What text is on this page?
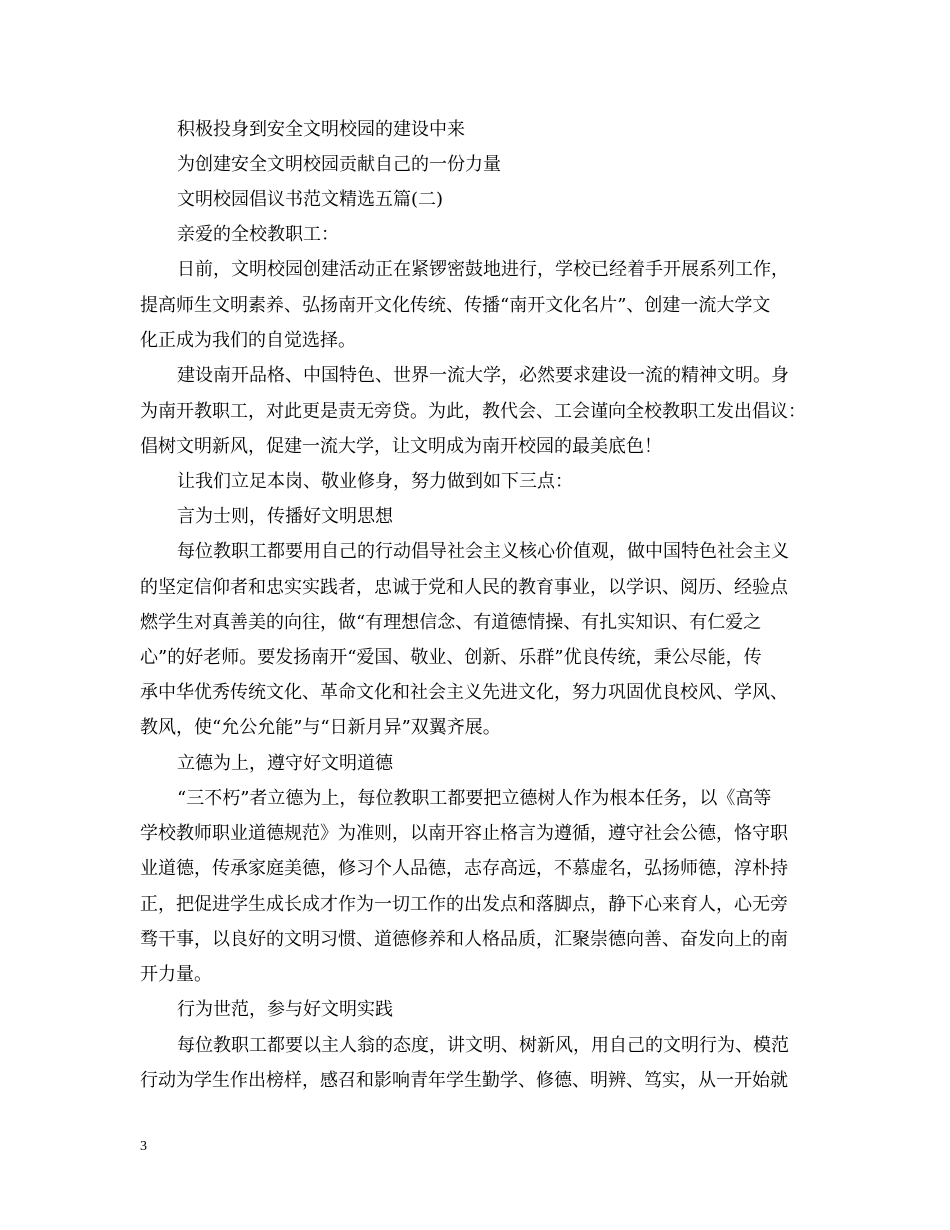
积极投身到安全文明校园的建设中来
为创建安全文明校园贡献自己的一份力量
文明校园倡议书范文精选五篇(二)
亲爱的全校教职工：
日前，文明校园创建活动正在紧锣密鼓地进行，学校已经着手开展系列工作，
提高师生文明素养、弘扬南开文化传统、传播“南开文化名片”、创建一流大学文
化正成为我们的自觉选择。
建设南开品格、中国特色、世界一流大学，必然要求建设一流的精神文明。身
为南开教职工，对此更是责无旁贷。为此，教代会、工会谨向全校教职工发出倡议：
倡树文明新风，促建一流大学，让文明成为南开校园的最美底色！
让我们立足本岗、敬业修身，努力做到如下三点：
言为士则，传播好文明思想
每位教职工都要用自己的行动倡导社会主义核心价值观，做中国特色社会主义
的坚定信仰者和忠实实践者，忠诚于党和人民的教育事业，以学识、阅历、经验点
燃学生对真善美的向往，做“有理想信念、有道德情操、有扎实知识、有仁爱之
心”的好老师。要发扬南开“爱国、敬业、创新、乐群”优良传统，秉公尽能，传
承中华优秀传统文化、革命文化和社会主义先进文化，努力巩固优良校风、学风、
教风，使“允公允能”与“日新月异”双翼齐展。
立德为上，遵守好文明道德
“三不朽”者立德为上，每位教职工都要把立德树人作为根本任务，以《高等
学校教师职业道德规范》为准则，以南开容止格言为遵循，遵守社会公德，恪守职
业道德，传承家庭美德，修习个人品德，志存高远，不慕虚名，弘扬师德，淳朴持
正，把促进学生成长成才作为一切工作的出发点和落脚点，静下心来育人，心无旁
骛干事，以良好的文明习惯、道德修养和人格品质，汇聚崇德向善、奋发向上的南
开力量。
行为世范，参与好文明实践
每位教职工都要以主人翁的态度，讲文明、树新风，用自己的文明行为、模范
行动为学生作出榜样，感召和影响青年学生勤学、修德、明辨、笃实，从一开始就
3
